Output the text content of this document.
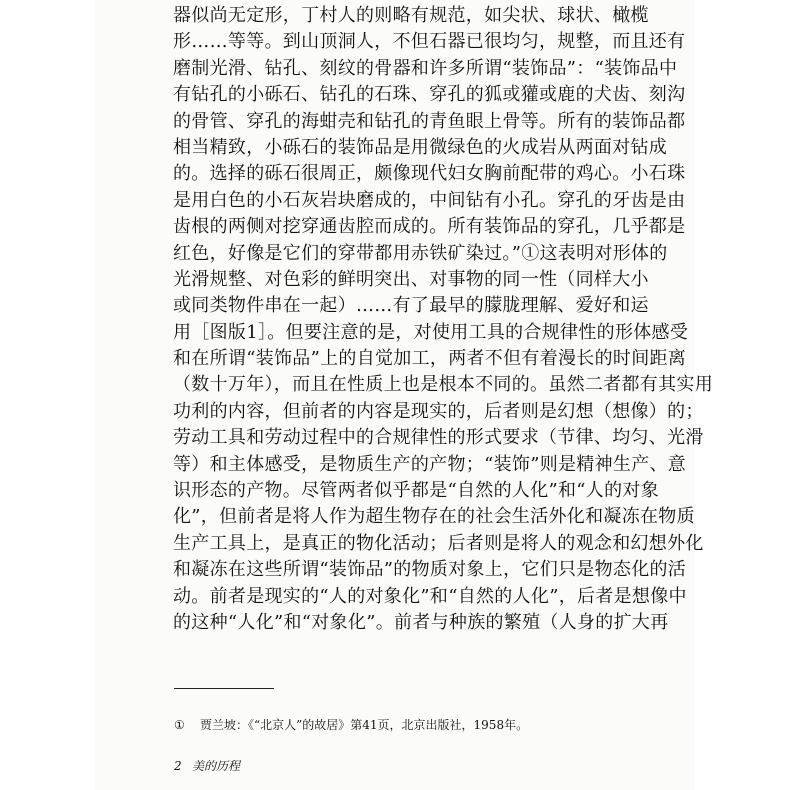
器似尚无定形，丁村人的则略有规范，如尖状、球状、橄榄
形……等等。到山顶洞人，不但石器已很均匀，规整，而且还有
磨制光滑、钻孔、刻纹的骨器和许多所谓“装饰品”：“装饰品中
有钻孔的小砾石、钻孔的石珠、穿孔的狐或獾或鹿的犬齿、刻沟
的骨管、穿孔的海蚶壳和钻孔的青鱼眼上骨等。所有的装饰品都
相当精致，小砾石的装饰品是用微绿色的火成岩从两面对钻成
的。选择的砾石很周正，颇像现代妇女胸前配带的鸡心。小石珠
是用白色的小石灰岩块磨成的，中间钻有小孔。穿孔的牙齿是由
齿根的两侧对挖穿通齿腔而成的。所有装饰品的穿孔，几乎都是
红色，好像是它们的穿带都用赤铁矿染过。”①这表明对形体的
光滑规整、对色彩的鲜明突出、对事物的同一性（同样大小
或同类物件串在一起）……有了最早的朦胧理解、爱好和运
用［图版1］。但要注意的是，对使用工具的合规律性的形体感受
和在所谓“装饰品”上的自觉加工，两者不但有着漫长的时间距离
（数十万年），而且在性质上也是根本不同的。虽然二者都有其实用
功利的内容，但前者的内容是现实的，后者则是幻想（想像）的；
劳动工具和劳动过程中的合规律性的形式要求（节律、均匀、光滑
等）和主体感受，是物质生产的产物；“装饰”则是精神生产、意
识形态的产物。尽管两者似乎都是“自然的人化”和“人的对象
化”，但前者是将人作为超生物存在的社会生活外化和凝冻在物质
生产工具上，是真正的物化活动；后者则是将人的观念和幻想外化
和凝冻在这些所谓“装饰品”的物质对象上，它们只是物态化的活
动。前者是现实的“人的对象化”和“自然的人化”，后者是想像中
的这种“人化”和“对象化”。前者与种族的繁殖（人身的扩大再
① 贾兰坡：《“北京人”的故居》第41页，北京出版社，1958年。
2 美的历程
